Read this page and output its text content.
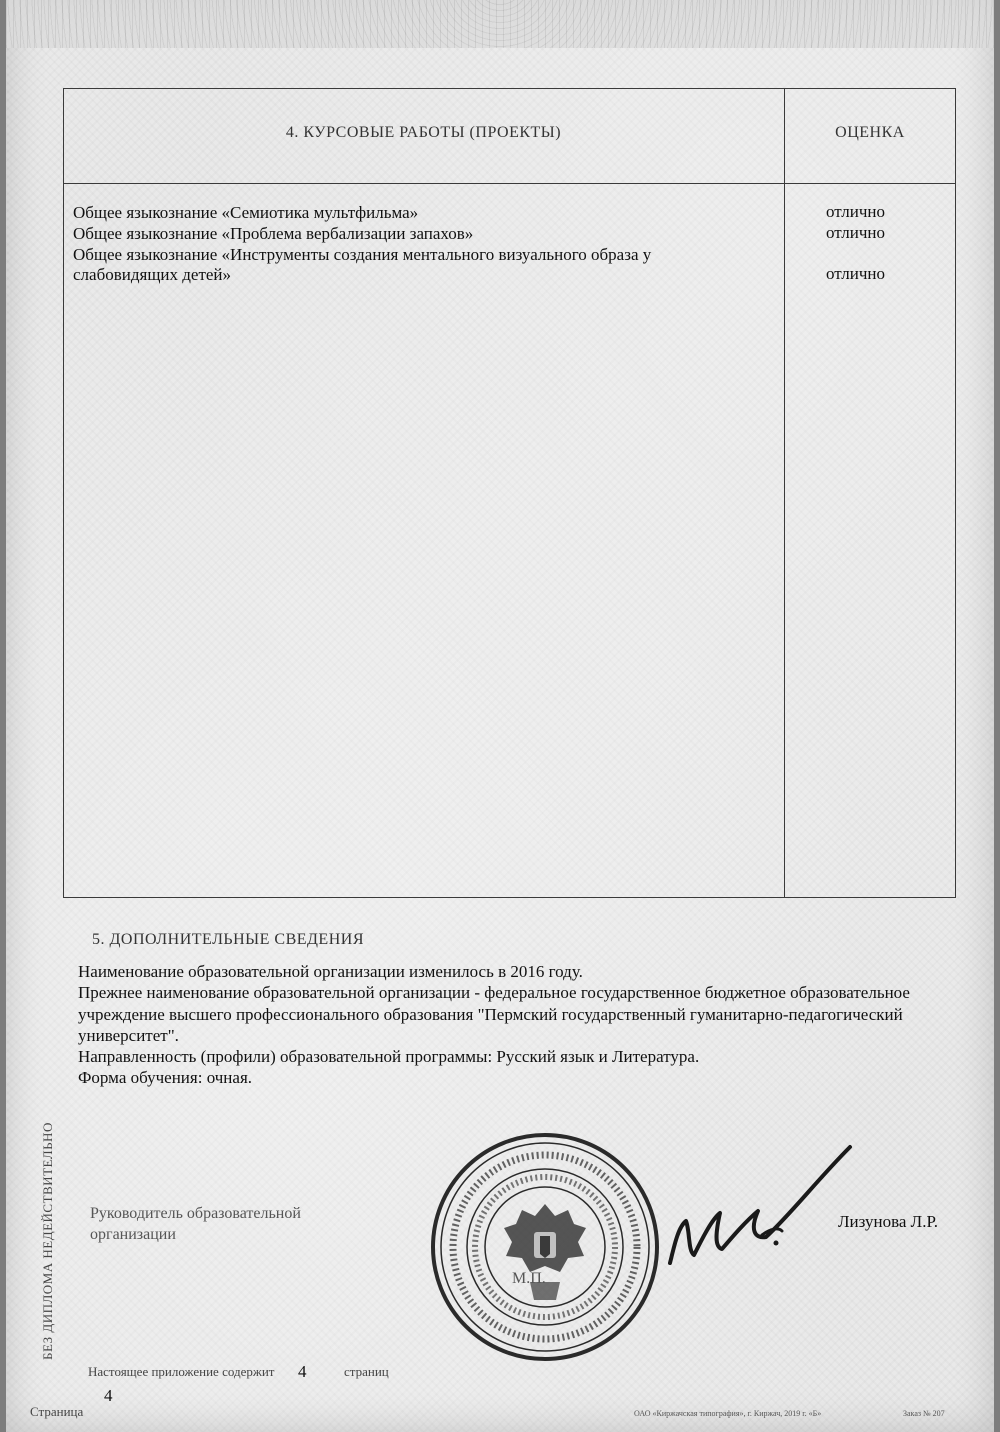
4. КУРСОВЫЕ РАБОТЫ (ПРОЕКТЫ)	ОЦЕНКА
Общее языкознание «Семиотика мультфильма»	отлично
Общее языкознание «Проблема вербализации запахов»	отлично
Общее языкознание «Инструменты создания ментального визуального образа у слабовидящих детей»	отлично
5. ДОПОЛНИТЕЛЬНЫЕ СВЕДЕНИЯ

Наименование образовательной организации изменилось в 2016 году.

Прежнее наименование образовательной организации - федеральное государственное бюджетное образовательное учреждение высшего профессионального образования "Пермский государственный гуманитарно-педагогический университет".

Направленность (профили) образовательной программы: Русский язык и Литература.

Форма обучения: очная.

БЕЗ ДИПЛОМА НЕДЕЙСТВИТЕЛЬНО Руководитель образовательной организации
Лизунова Л.Р.
М.П.
Настоящее приложение содержит 4	страниц
4
Страница	ОАО «Киржачская типография», г. Киржач, 2019 г. «Б»	Заказ № 207
